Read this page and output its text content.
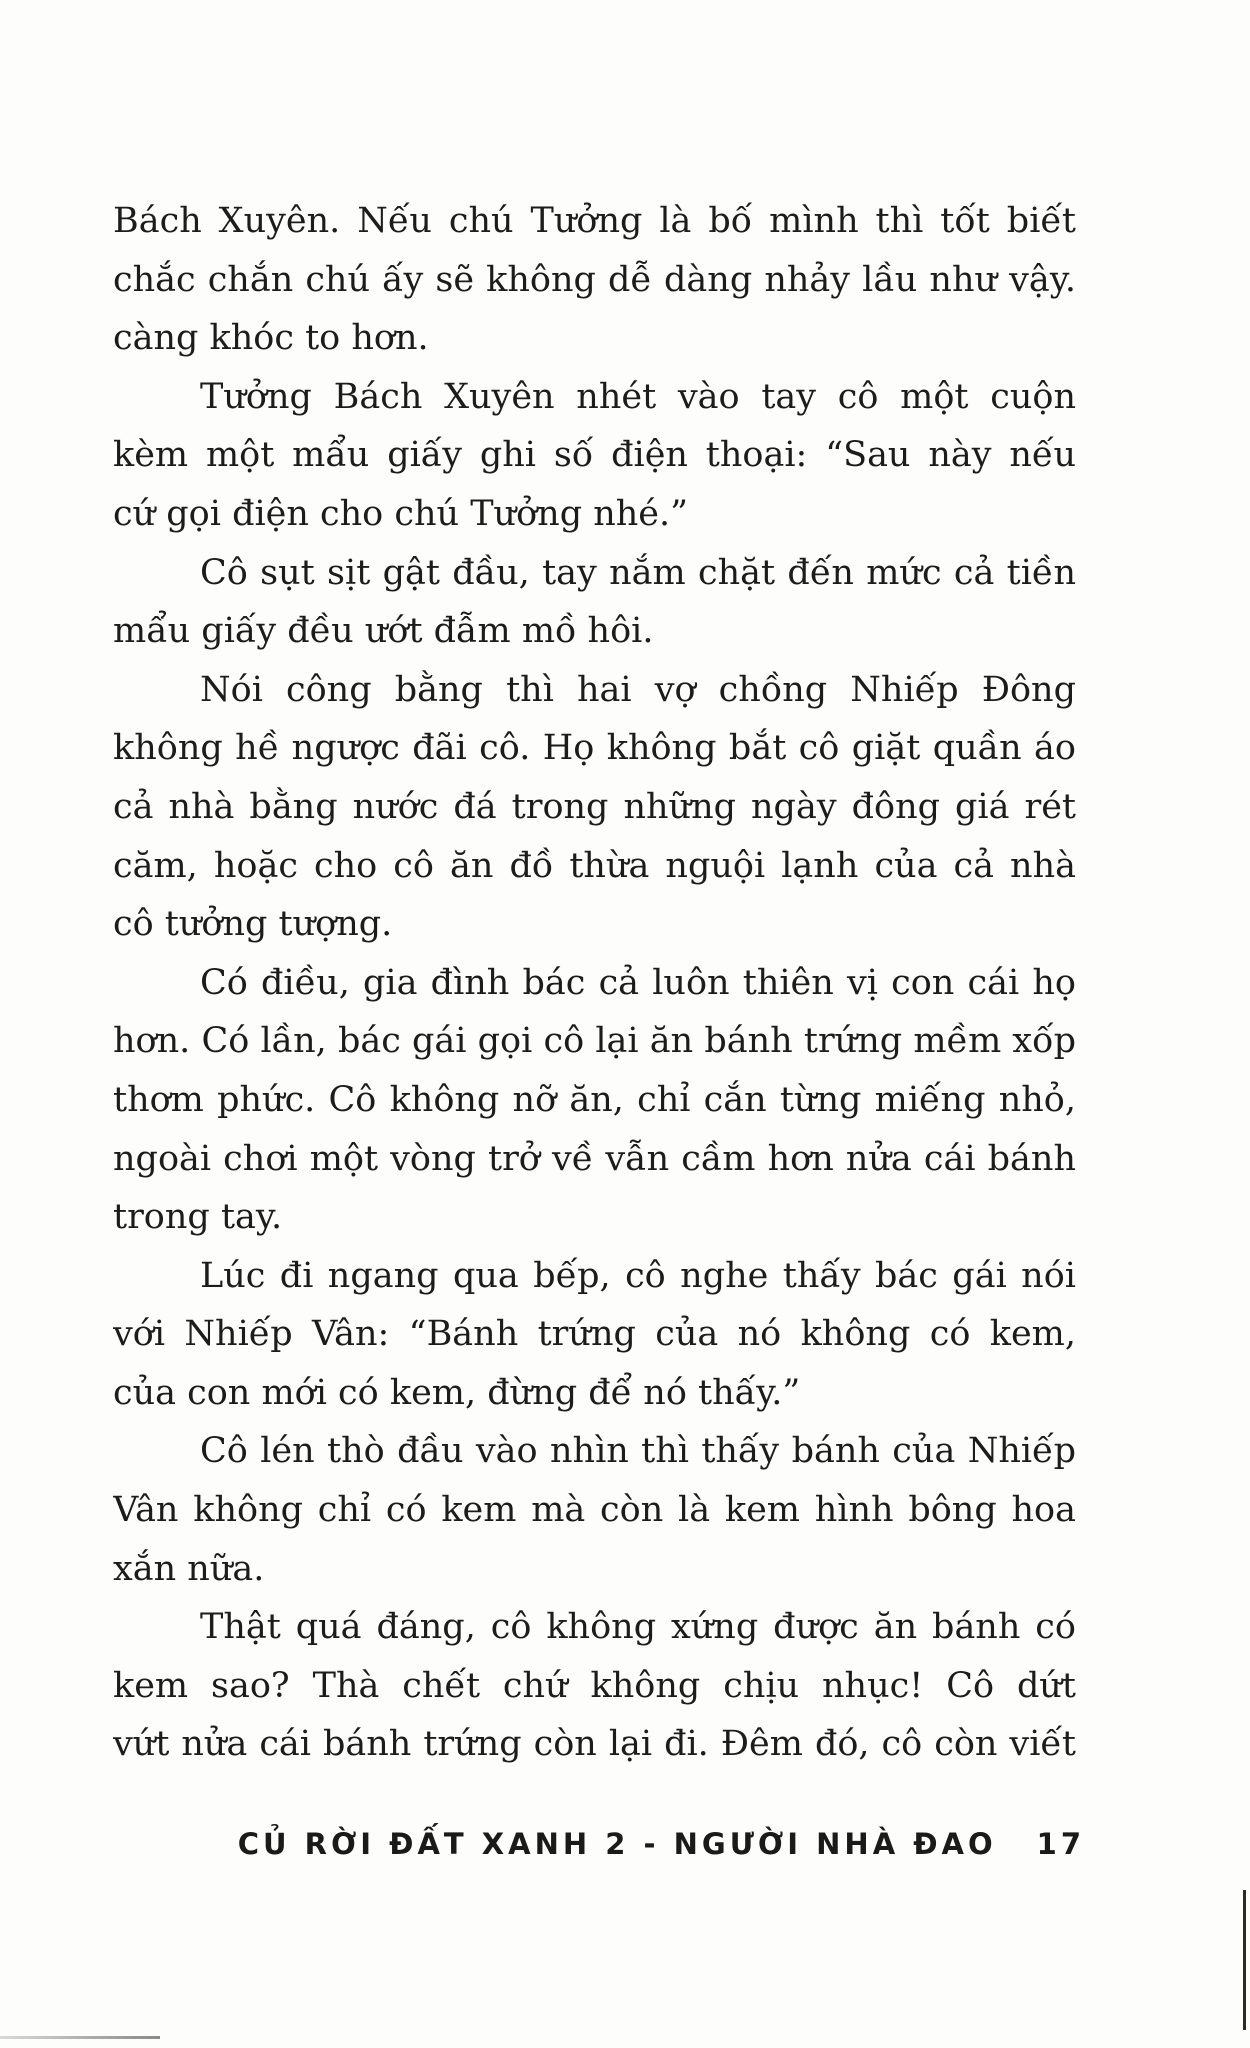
Bách Xuyên. Nếu chú Tưởng là bố mình thì tốt biết
chắc chắn chú ấy sẽ không dễ dàng nhảy lầu như vậy.
càng khóc to hơn.
Tưởng Bách Xuyên nhét vào tay cô một cuộn
kèm một mẩu giấy ghi số điện thoại: “Sau này nếu
cứ gọi điện cho chú Tưởng nhé.”
Cô sụt sịt gật đầu, tay nắm chặt đến mức cả tiền
mẩu giấy đều ướt đẫm mồ hôi.
Nói công bằng thì hai vợ chồng Nhiếp Đông
không hề ngược đãi cô. Họ không bắt cô giặt quần áo
cả nhà bằng nước đá trong những ngày đông giá rét
căm, hoặc cho cô ăn đồ thừa nguội lạnh của cả nhà
cô tưởng tượng.
Có điều, gia đình bác cả luôn thiên vị con cái họ
hơn. Có lần, bác gái gọi cô lại ăn bánh trứng mềm xốp
thơm phức. Cô không nỡ ăn, chỉ cắn từng miếng nhỏ,
ngoài chơi một vòng trở về vẫn cầm hơn nửa cái bánh
trong tay.
Lúc đi ngang qua bếp, cô nghe thấy bác gái nói
với Nhiếp Vân: “Bánh trứng của nó không có kem,
của con mới có kem, đừng để nó thấy.”
Cô lén thò đầu vào nhìn thì thấy bánh của Nhiếp
Vân không chỉ có kem mà còn là kem hình bông hoa
xắn nữa.
Thật quá đáng, cô không xứng được ăn bánh có
kem sao? Thà chết chứ không chịu nhục! Cô dứt
vứt nửa cái bánh trứng còn lại đi. Đêm đó, cô còn viết
CỦ RỜI ĐẤT XANH 2 - NGƯỜI NHÀ ĐAO 17
